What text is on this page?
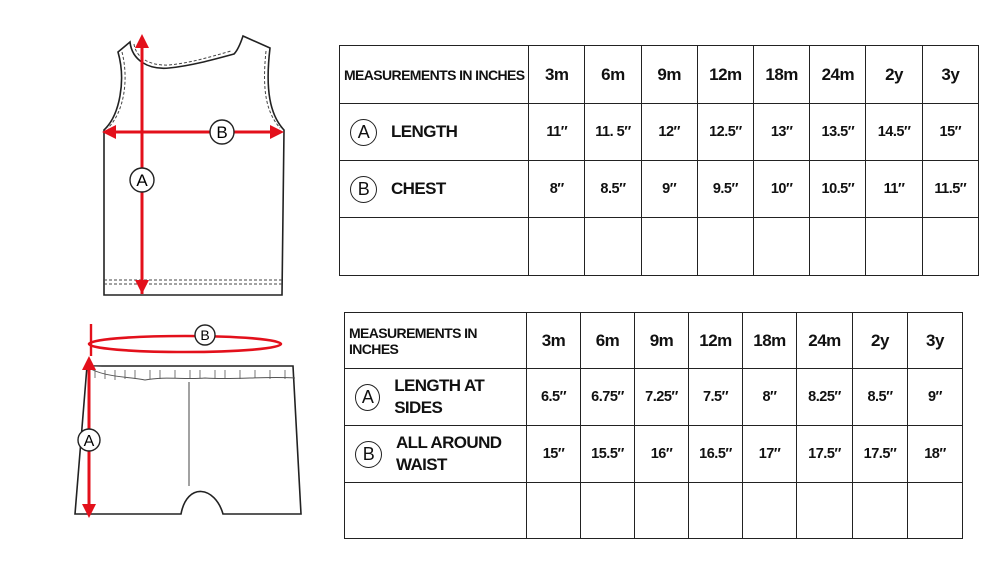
B
A
B
A
MEASUREMENTS IN INCHES	3m	6m	9m	12m	18m	24m	2y	3y

A LENGTH	11″	11. 5″	12″	12.5″	13″	13.5″	14.5″	15″

B CHEST	8″	8.5″	9″	9.5″	10″	10.5″	11″	11.5″

MEASUREMENTS IN INCHES	3m	6m	9m	12m	18m	24m	2y	3y

A
LENGTH AT SIDES	6.5″	6.75″	7.25″	7.5″	8″	8.25″	8.5″	9″

B
ALL AROUND WAIST	15″	15.5″	16″	16.5″	17″	17.5″	17.5″	18″
